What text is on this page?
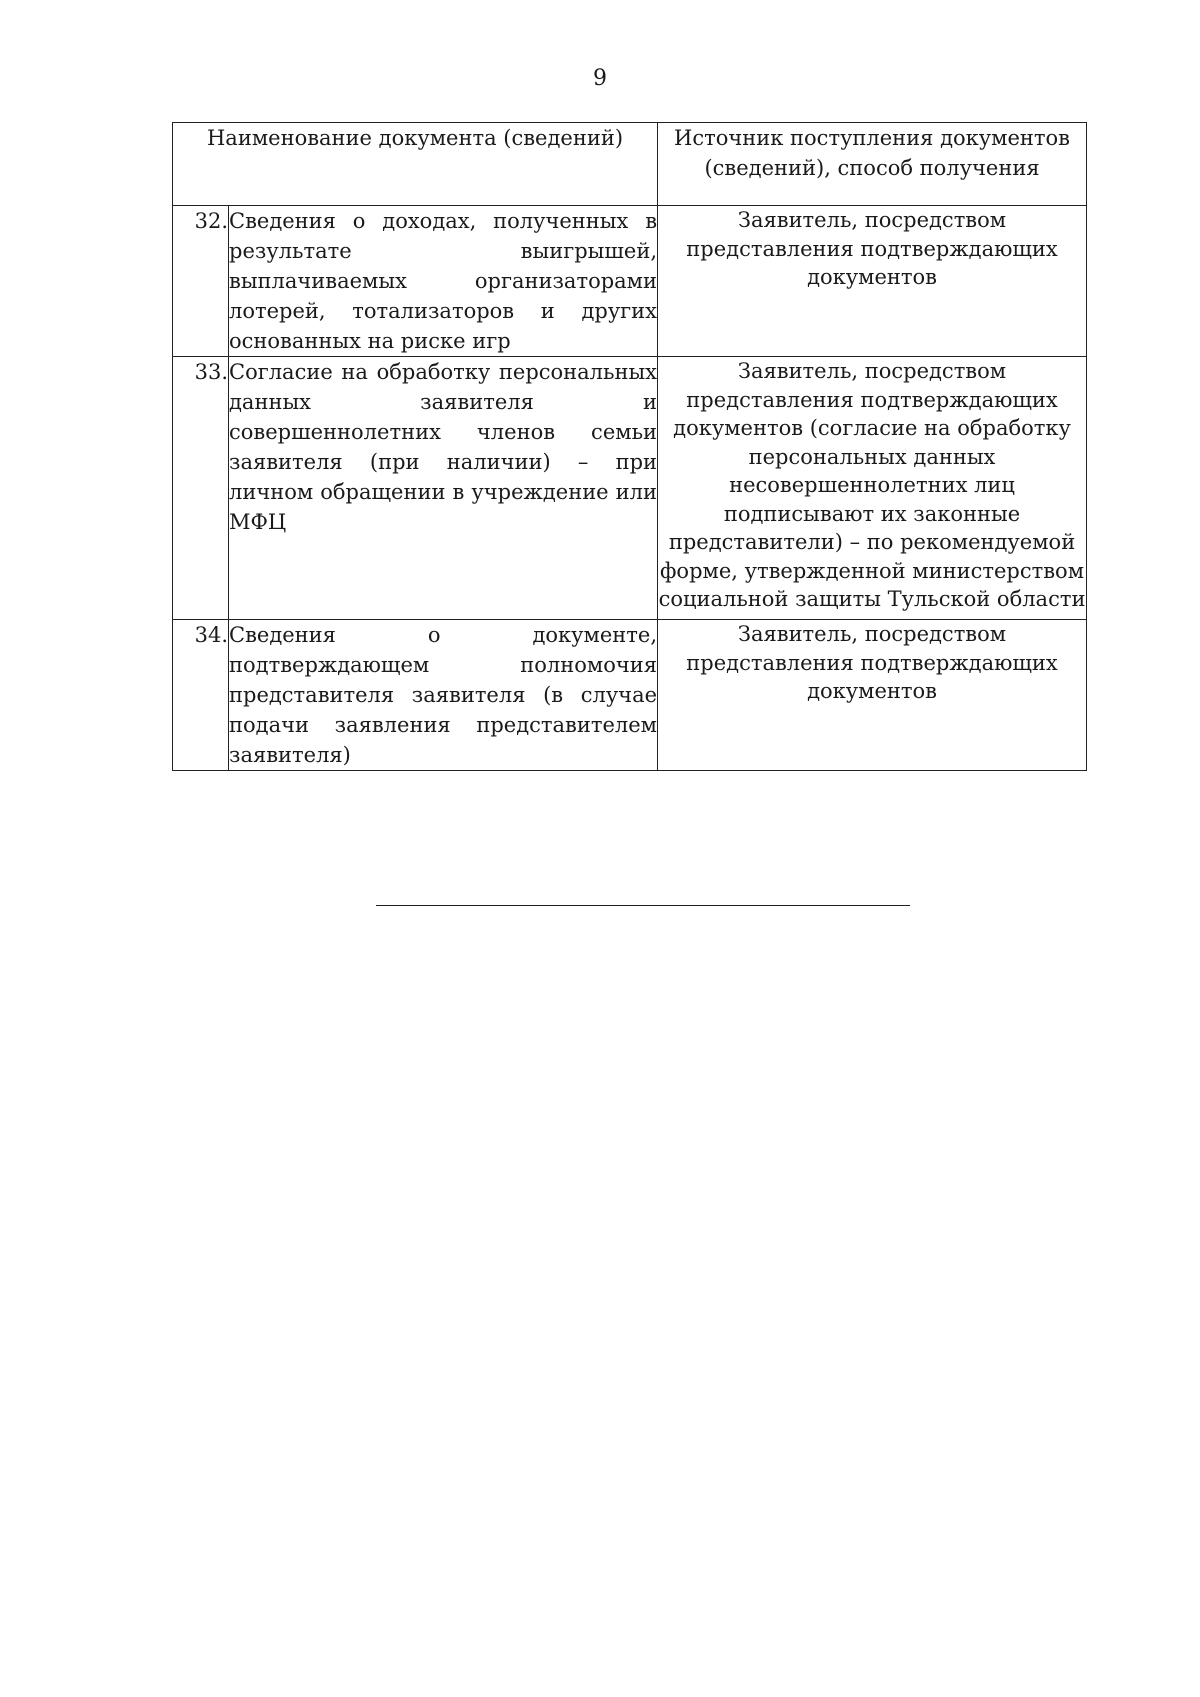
9
Наименование документа (сведений)		Источник поступления документов (сведений), способ получения
32.	Сведения о доходах, полученных в результате выигрышей, выплачиваемых организаторами лотерей, тотализаторов и других основанных на риске игр	Заявитель, посредством представления подтверждающих документов
33.	Согласие на обработку персональных данных заявителя и совершеннолетних членов семьи заявителя (при наличии) – при личном обращении в учреждение или МФЦ	Заявитель, посредством представления подтверждающих документов (согласие на обработку персональных данных несовершеннолетних лиц подписывают их законные представители) – по рекомендуемой форме, утвержденной министерством социальной защиты Тульской области
34.	Сведения о документе, подтверждающем полномочия представителя заявителя (в случае подачи заявления представителем заявителя)	Заявитель, посредством представления подтверждающих документов
